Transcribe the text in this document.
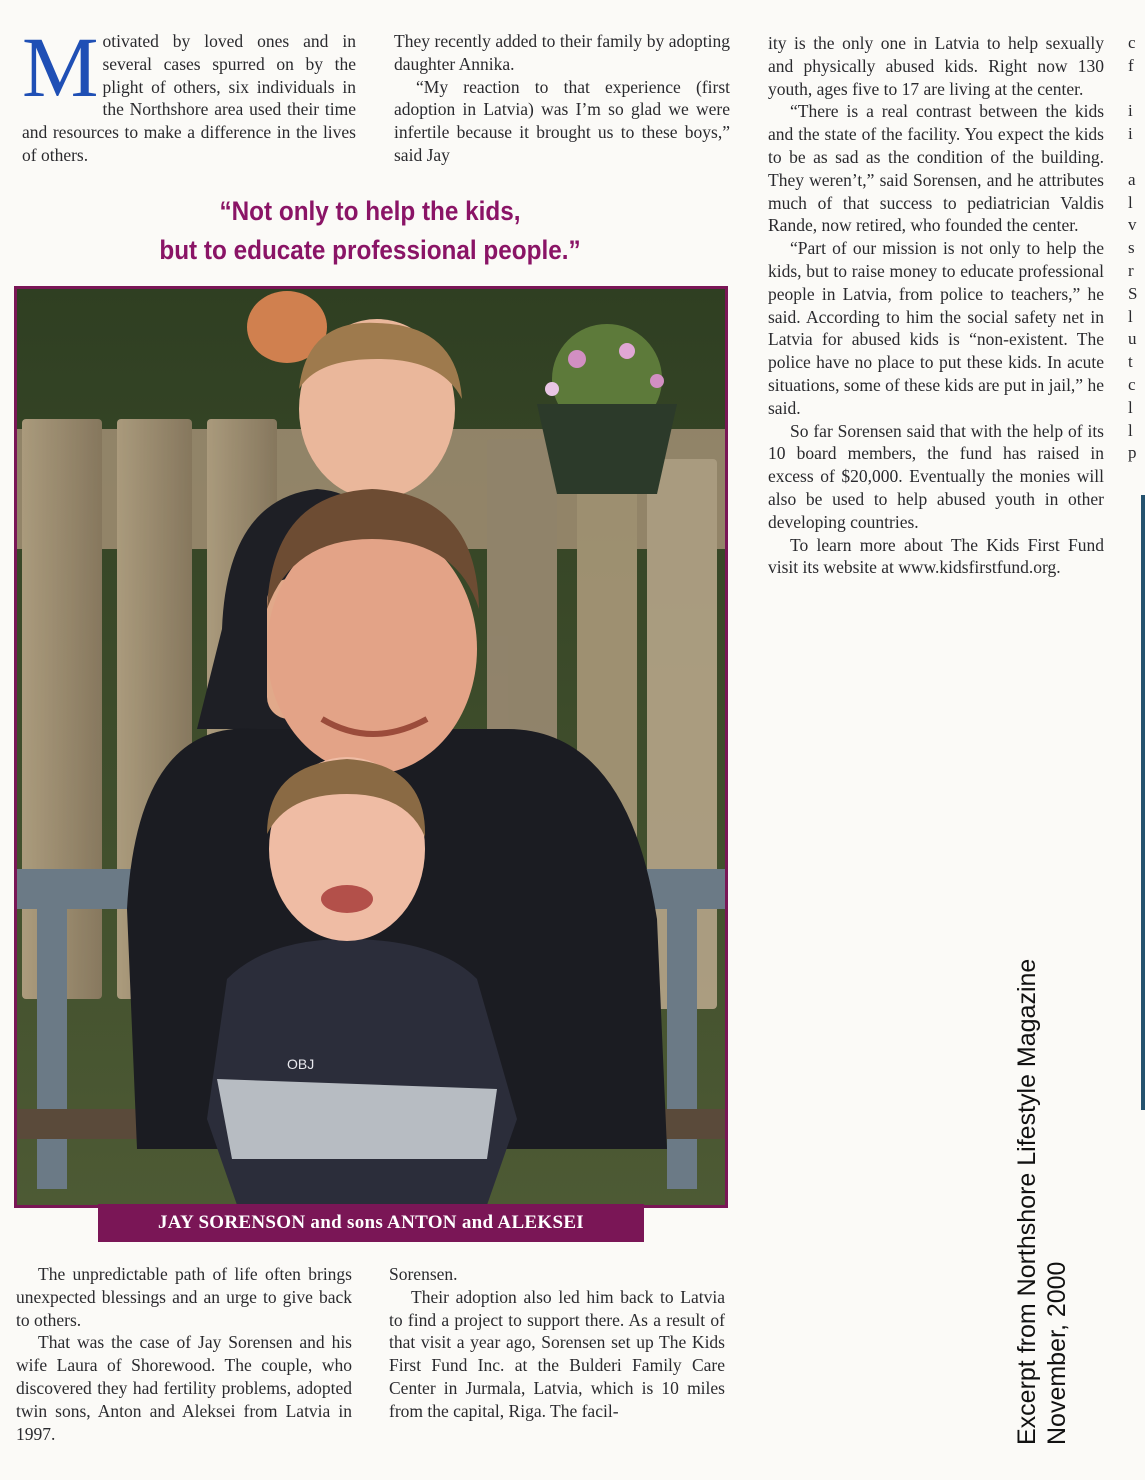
M otivated by loved ones and in several cases spurred on by the plight of others, six individuals in the Northshore area used their time and resources to make a difference in the lives of others.

They recently added to their family by adopting daughter Annika.

“My reaction to that experience (first adoption in Latvia) was I’m so glad we were infertile because it brought us to these boys,” said Jay

“Not only to help the kids,
but to educate professional people.”
OBJ
JAY SORENSON and sons ANTON and ALEKSEI

ity is the only one in Latvia to help sexually and physically abused kids. Right now 130 youth, ages five to 17 are living at the center.

“There is a real contrast between the kids and the state of the facility. You expect the kids to be as sad as the condition of the building. They weren’t,” said Sorensen, and he attributes much of that success to pediatrician Valdis Rande, now retired, who founded the center.

“Part of our mission is not only to help the kids, but to raise money to educate professional people in Latvia, from police to teachers,” he said. According to him the social safety net in Latvia for abused kids is “non-existent. The police have no place to put these kids. In acute situations, some of these kids are put in jail,” he said.

So far Sorensen said that with the help of its 10 board members, the fund has raised in excess of $20,000. Eventually the monies will also be used to help abused youth in other developing countries.

To learn more about The Kids First Fund visit its website at www.kidsfirstfund.org.

The unpredictable path of life often brings unexpected blessings and an urge to give back to others.

That was the case of Jay Sorensen and his wife Laura of Shorewood. The couple, who discovered they had fertility problems, adopted twin sons, Anton and Aleksei from Latvia in 1997.

Sorensen.

Their adoption also led him back to Latvia to find a project to support there. As a result of that visit a year ago, Sorensen set up The Kids First Fund Inc. at the Bulderi Family Care Center in Jurmala, Latvia, which is 10 miles from the capital, Riga. The facil-	Excerpt from Northshore Lifestyle Magazine November, 2000
c
f
i
i
a
l
v
s
r
S
l
u
t
c
l
l
p
